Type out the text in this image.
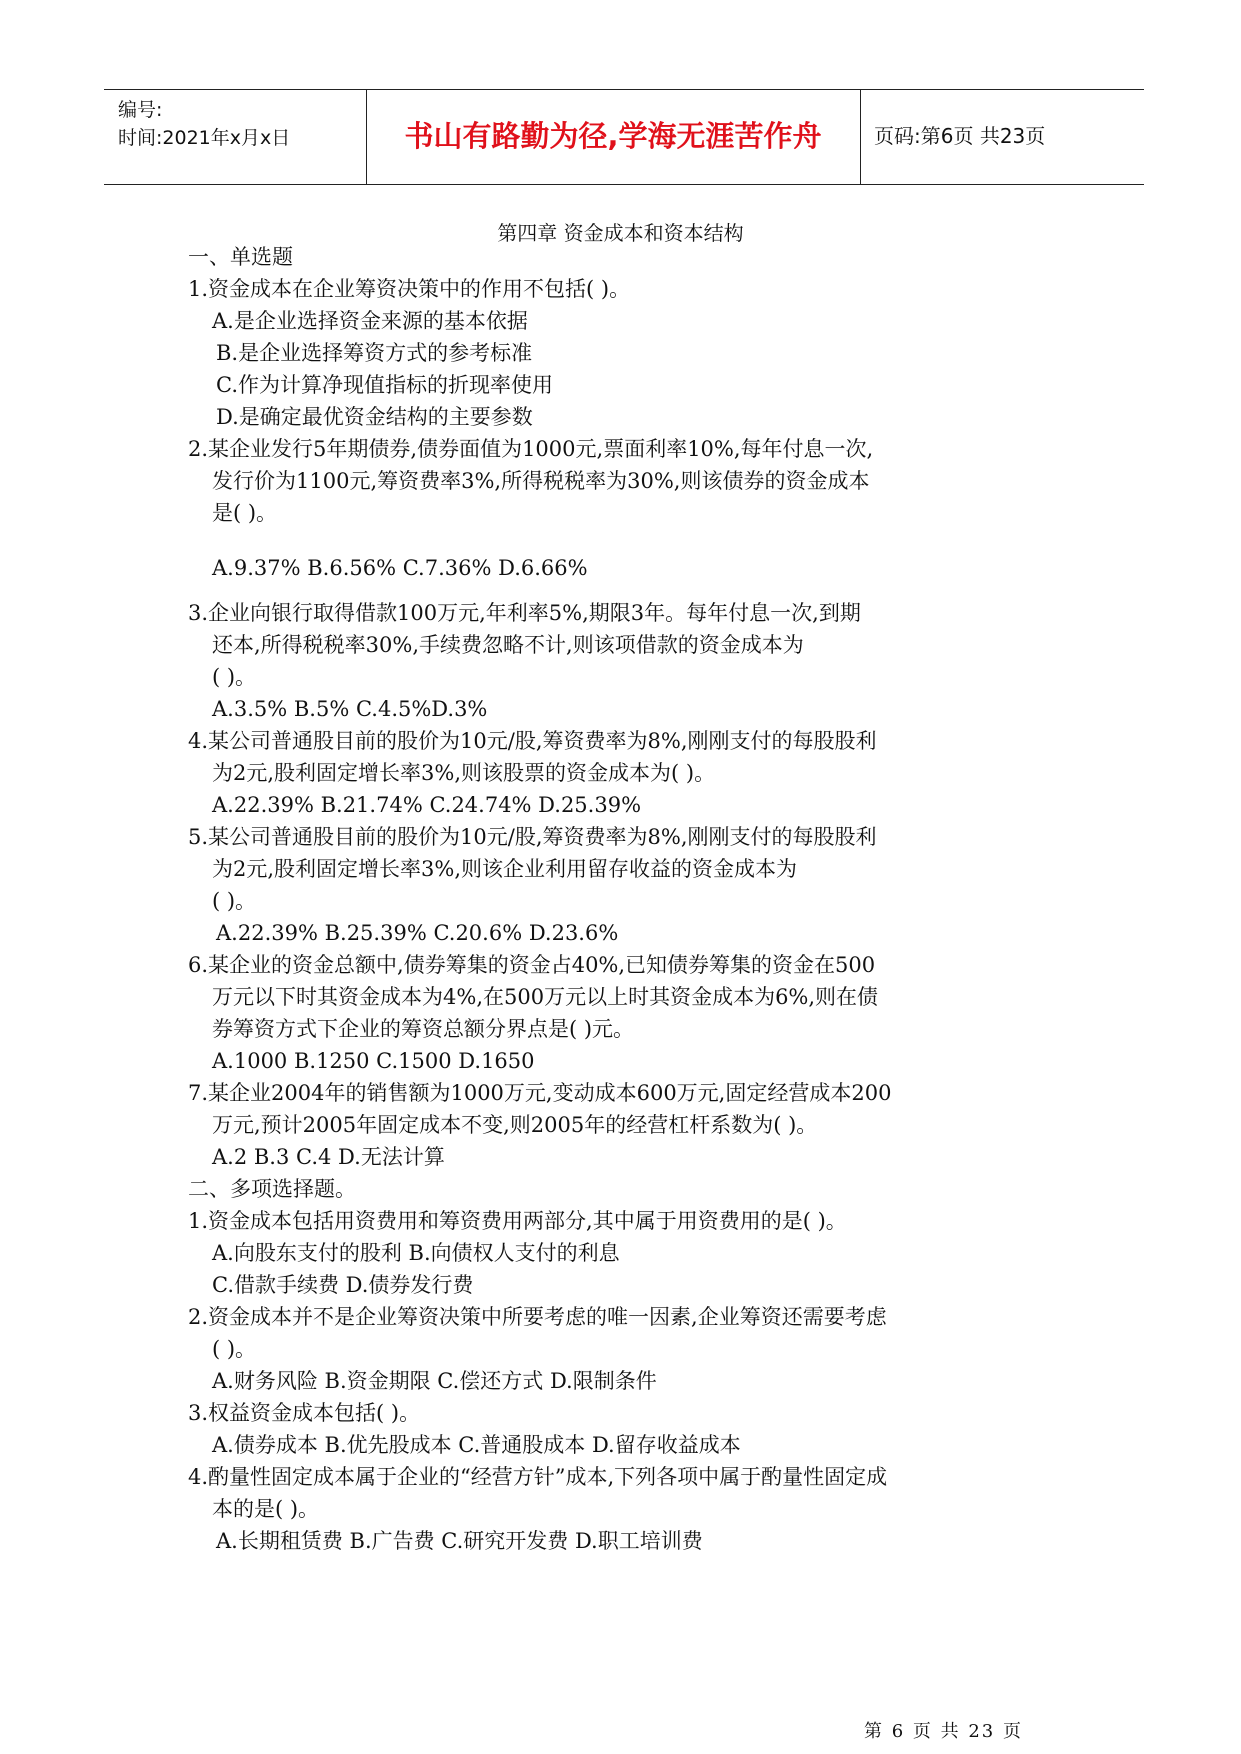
编号:
时间:2021年x月x日	书山有路勤为径,学海无涯苦作舟	页码:第6页 共23页
第四章 资金成本和资本结构
一、单选题
1.资金成本在企业筹资决策中的作用不包括( )。
A.是企业选择资金来源的基本依据
B.是企业选择筹资方式的参考标准
C.作为计算净现值指标的折现率使用
D.是确定最优资金结构的主要参数
2.某企业发行5年期债券,债券面值为1000元,票面利率10%,每年付息一次,
发行价为1100元,筹资费率3%,所得税税率为30%,则该债券的资金成本
是( )。
A.9.37% B.6.56% C.7.36% D.6.66%
3.企业向银行取得借款100万元,年利率5%,期限3年。每年付息一次,到期
还本,所得税税率30%,手续费忽略不计,则该项借款的资金成本为
( )。
A.3.5% B.5% C.4.5%D.3%
4.某公司普通股目前的股价为10元/股,筹资费率为8%,刚刚支付的每股股利
为2元,股利固定增长率3%,则该股票的资金成本为( )。
A.22.39% B.21.74% C.24.74% D.25.39%
5.某公司普通股目前的股价为10元/股,筹资费率为8%,刚刚支付的每股股利
为2元,股利固定增长率3%,则该企业利用留存收益的资金成本为
( )。
A.22.39% B.25.39% C.20.6% D.23.6%
6.某企业的资金总额中,债券筹集的资金占40%,已知债券筹集的资金在500
万元以下时其资金成本为4%,在500万元以上时其资金成本为6%,则在债
券筹资方式下企业的筹资总额分界点是( )元。
A.1000 B.1250 C.1500 D.1650
7.某企业2004年的销售额为1000万元,变动成本600万元,固定经营成本200
万元,预计2005年固定成本不变,则2005年的经营杠杆系数为( )。
A.2 B.3 C.4 D.无法计算
二、多项选择题。
1.资金成本包括用资费用和筹资费用两部分,其中属于用资费用的是( )。
A.向股东支付的股利 B.向债权人支付的利息
C.借款手续费 D.债券发行费
2.资金成本并不是企业筹资决策中所要考虑的唯一因素,企业筹资还需要考虑
( )。
A.财务风险 B.资金期限 C.偿还方式 D.限制条件
3.权益资金成本包括( )。
A.债券成本 B.优先股成本 C.普通股成本 D.留存收益成本
4.酌量性固定成本属于企业的“经营方针”成本,下列各项中属于酌量性固定成
本的是( )。
A.长期租赁费 B.广告费 C.研究开发费 D.职工培训费
第 6 页 共 23 页
